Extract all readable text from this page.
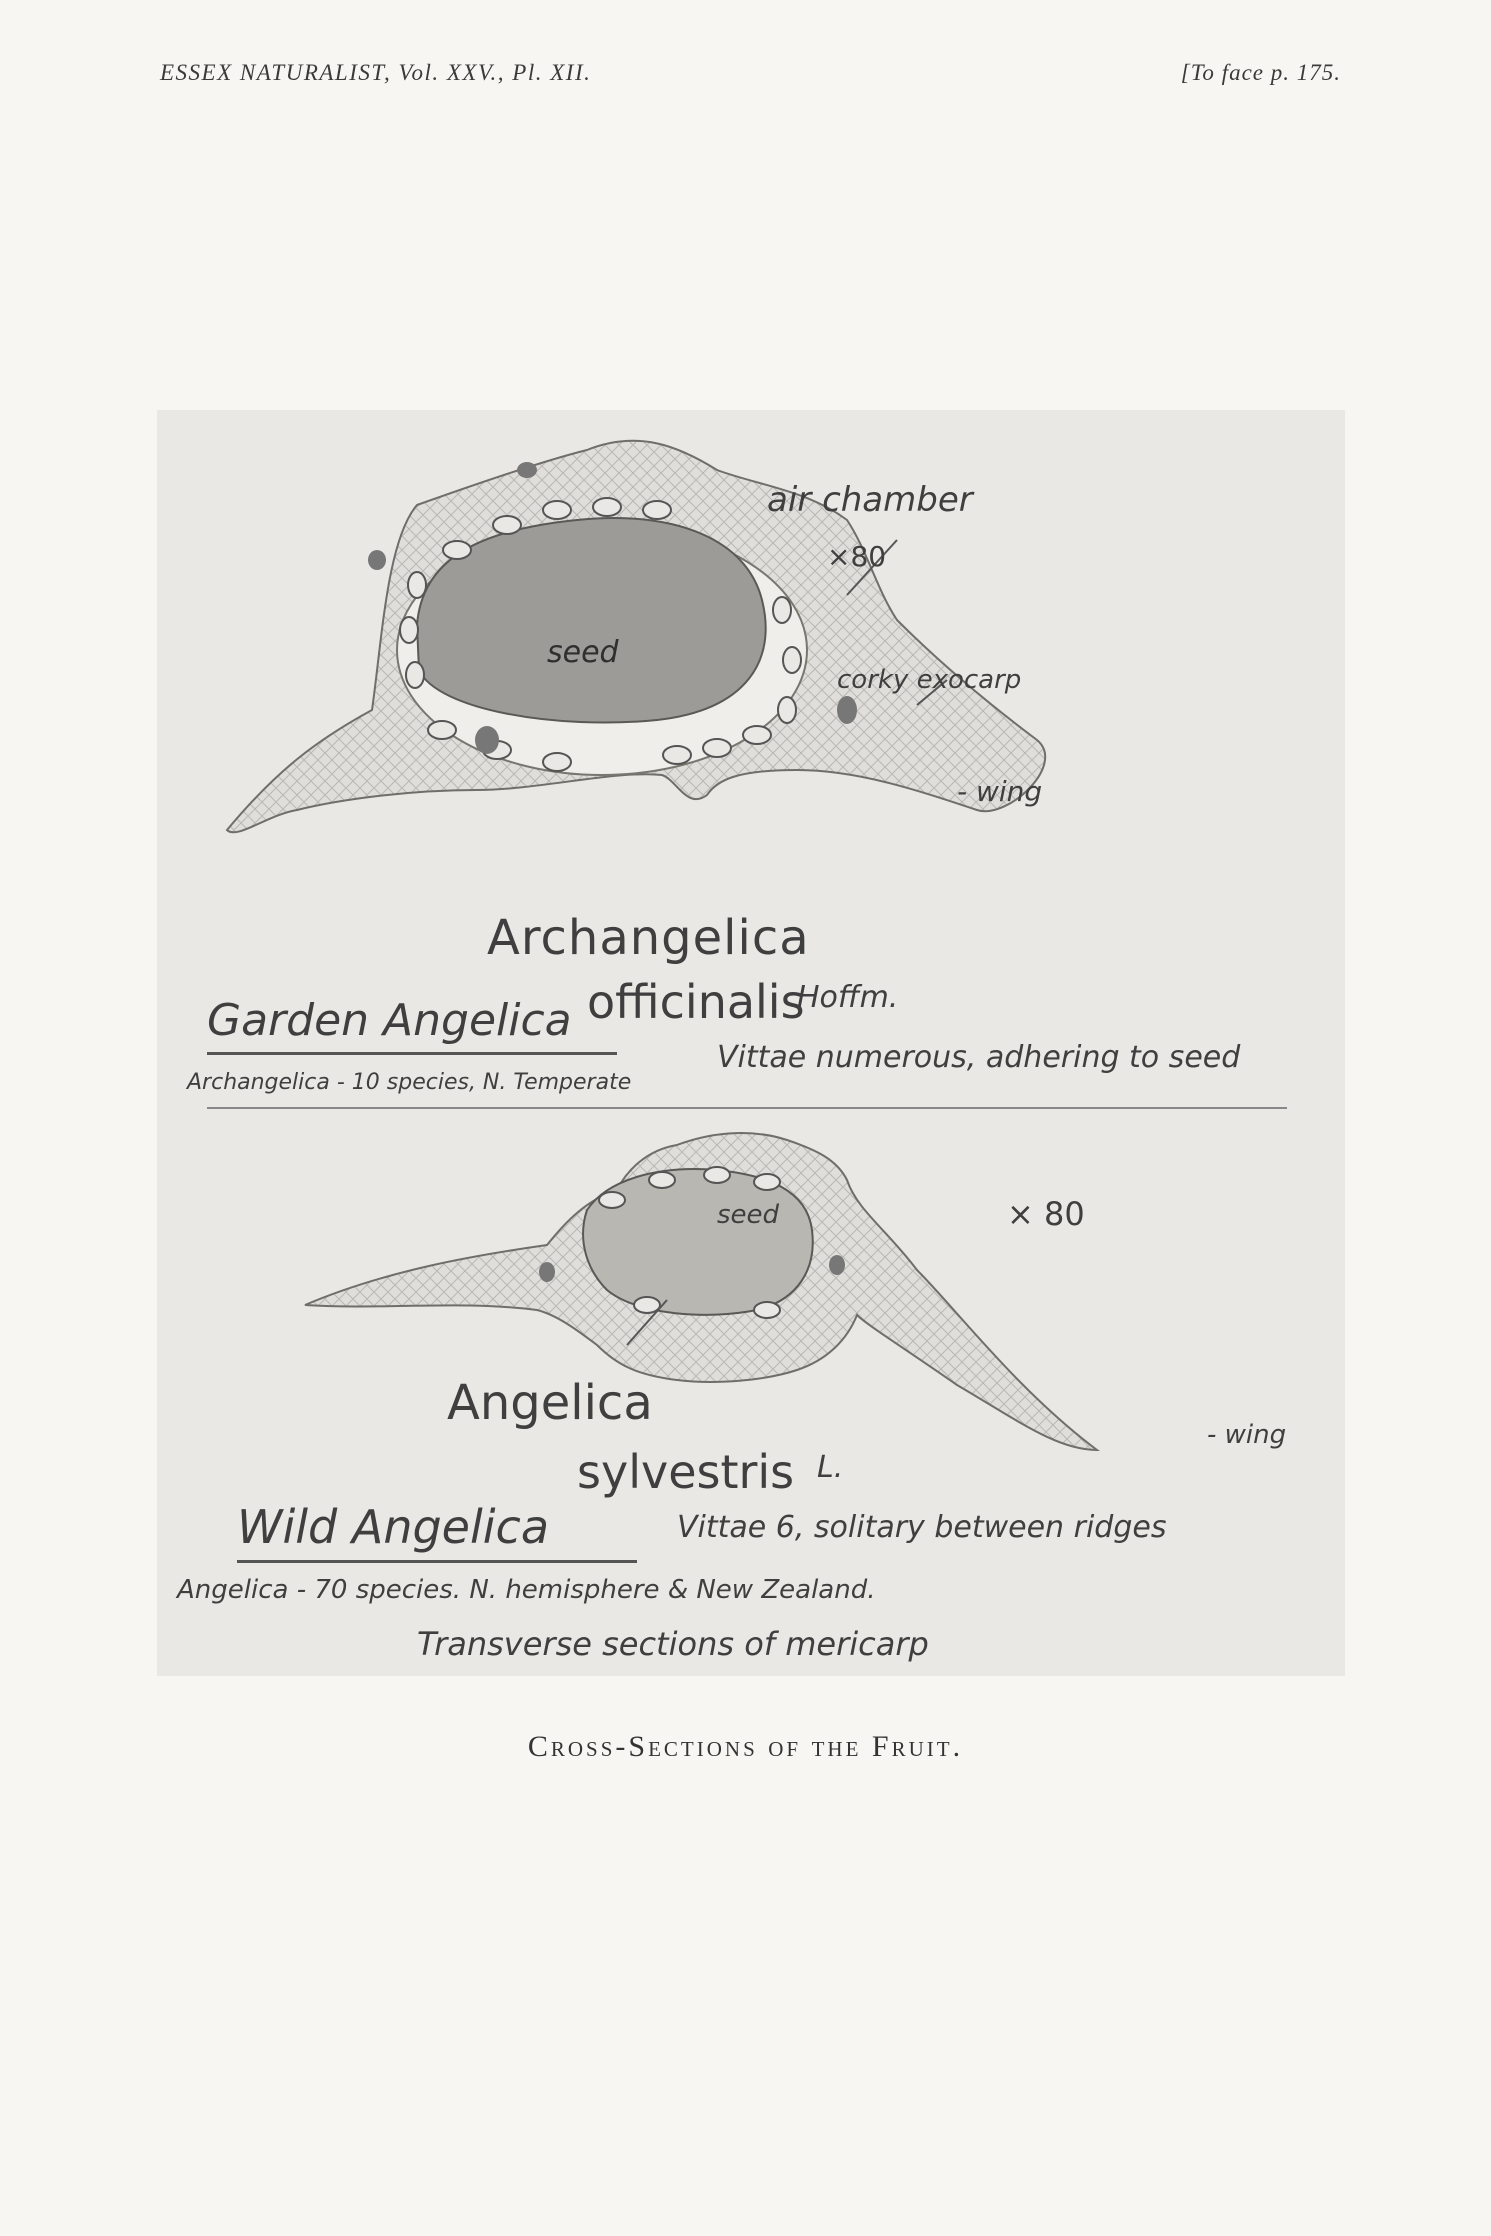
ESSEX NATURALIST, Vol. XXV., Pl. XII.	[To face p. 175.
air chamber
×80
corky exocarp
- wing
seed
Archangelica
officinalis
Hoffm.
Garden Angelica
Vittae numerous, adhering to seed
Archangelica - 10 species, N. Temperate
seed	× 80
- wing
Angelica
sylvestris L.
Wild Angelica	Vittae 6, solitary between ridges
Angelica - 70 species. N. hemisphere & New Zealand.
Transverse sections of mericarp
Cross-Sections of the Fruit.
